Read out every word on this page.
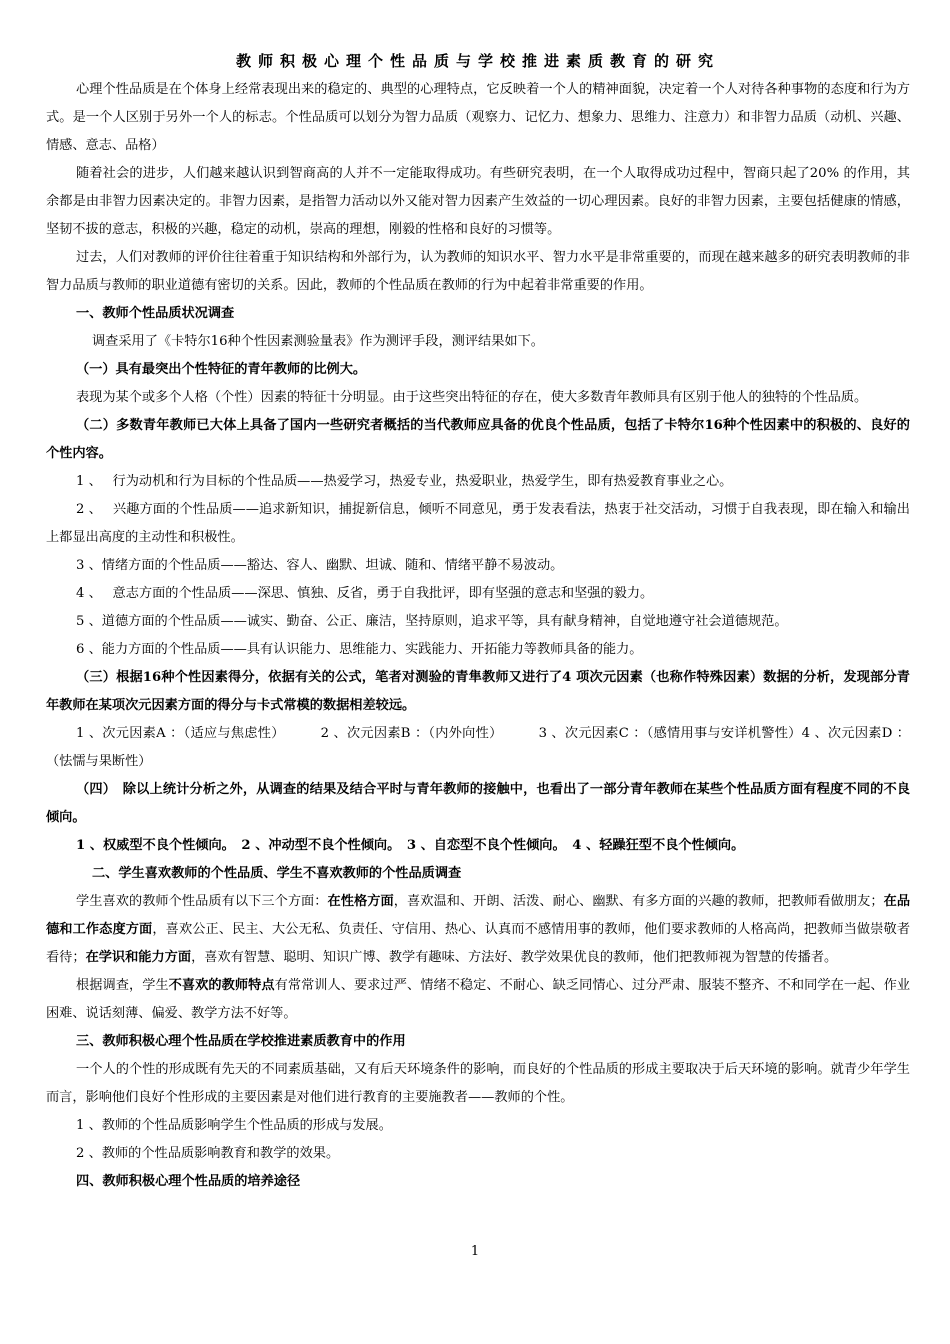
教师积极心理个性品质与学校推进素质教育的研究

心理个性品质是在个体身上经常表现出来的稳定的、典型的心理特点，它反映着一个人的精神面貌，决定着一个人对待各种事物的态度和行为方式。是一个人区别于另外一个人的标志。个性品质可以划分为智力品质（观察力、记忆力、想象力、思维力、注意力）和非智力品质（动机、兴趣、情感、意志、品格）

随着社会的进步，人们越来越认识到智商高的人并不一定能取得成功。有些研究表明，在一个人取得成功过程中，智商只起了20% 的作用，其余都是由非智力因素决定的。非智力因素，是指智力活动以外又能对智力因素产生效益的一切心理因素。良好的非智力因素，主要包括健康的情感，坚韧不拔的意志，积极的兴趣，稳定的动机，崇高的理想，刚毅的性格和良好的习惯等。

过去，人们对教师的评价往往着重于知识结构和外部行为，认为教师的知识水平、智力水平是非常重要的，而现在越来越多的研究表明教师的非智力品质与教师的职业道德有密切的关系。因此，教师的个性品质在教师的行为中起着非常重要的作用。

一、教师个性品质状况调查

调查采用了《卡特尔16种个性因素测验量表》作为测评手段，测评结果如下。

（一）具有最突出个性特征的青年教师的比例大。

表现为某个或多个人格（个性）因素的特征十分明显。由于这些突出特征的存在，使大多数青年教师具有区别于他人的独特的个性品质。

（二）多数青年教师已大体上具备了国内一些研究者概括的当代教师应具备的优良个性品质，包括了卡特尔16种个性因素中的积极的、良好的个性内容。

1 、　 行为动机和行为目标的个性品质——热爱学习，热爱专业，热爱职业，热爱学生，即有热爱教育事业之心。

2 、　 兴趣方面的个性品质——追求新知识，捕捉新信息，倾听不同意见，勇于发表看法，热衷于社交活动，习惯于自我表现，即在输入和输出上都显出高度的主动性和积极性。

3 、情绪方面的个性品质——豁达、容人、幽默、坦诚、随和、情绪平静不易波动。

4 、　 意志方面的个性品质——深思、慎独、反省，勇于自我批评，即有坚强的意志和坚强的毅力。

5 、道德方面的个性品质——诚实、勤奋、公正、廉洁，坚持原则，追求平等，具有献身精神，自觉地遵守社会道德规范。

6 、能力方面的个性品质——具有认识能力、思维能力、实践能力、开拓能力等教师具备的能力。

（三）根据16种个性因素得分，依据有关的公式，笔者对测验的青隼教师又进行了4 项次元因素（也称作特殊因素）数据的分析，发现部分青年教师在某项次元因素方面的得分与卡式常模的数据相差较远。

1 、次元因素A ：（适应与焦虑性）	2 、次元因素B ：（内外向性）	3 、次元因素C ：（感情用事与安详机警性）4 、次元因素D ：（怯懦与果断性）

（四）　除以上统计分析之外，从调查的结果及结合平时与青年教师的接触中，也看出了一部分青年教师在某些个性品质方面有程度不同的不良倾向。

1 、权威型不良个性倾向。　 2 、冲动型不良个性倾向。　 3 、自恋型不良个性倾向。　 4 、轻躁狂型不良个性倾向。

二、学生喜欢教师的个性品质、学生不喜欢教师的个性品质调查

学生喜欢的教师个性品质有以下三个方面：在性格方面，喜欢温和、开朗、活泼、耐心、幽默、有多方面的兴趣的教师，把教师看做朋友；在品德和工作态度方面，喜欢公正、民主、大公无私、负责任、守信用、热心、认真而不感情用事的教师，他们要求教师的人格高尚，把教师当做崇敬者看待；在学识和能力方面，喜欢有智慧、聪明、知识广博、教学有趣味、方法好、教学效果优良的教师，他们把教师视为智慧的传播者。

根据调查，学生不喜欢的教师特点有常常训人、要求过严、情绪不稳定、不耐心、缺乏同情心、过分严肃、服装不整齐、不和同学在一起、作业困难、说话刻薄、偏爱、教学方法不好等。

三、教师积极心理个性品质在学校推进素质教育中的作用

一个人的个性的形成既有先天的不同素质基础，又有后天环境条件的影响，而良好的个性品质的形成主要取决于后天环境的影响。就青少年学生而言，影响他们良好个性形成的主要因素是对他们进行教育的主要施教者——教师的个性。

1 、教师的个性品质影响学生个性品质的形成与发展。

2 、教师的个性品质影响教育和教学的效果。

四、教师积极心理个性品质的培养途径

1
